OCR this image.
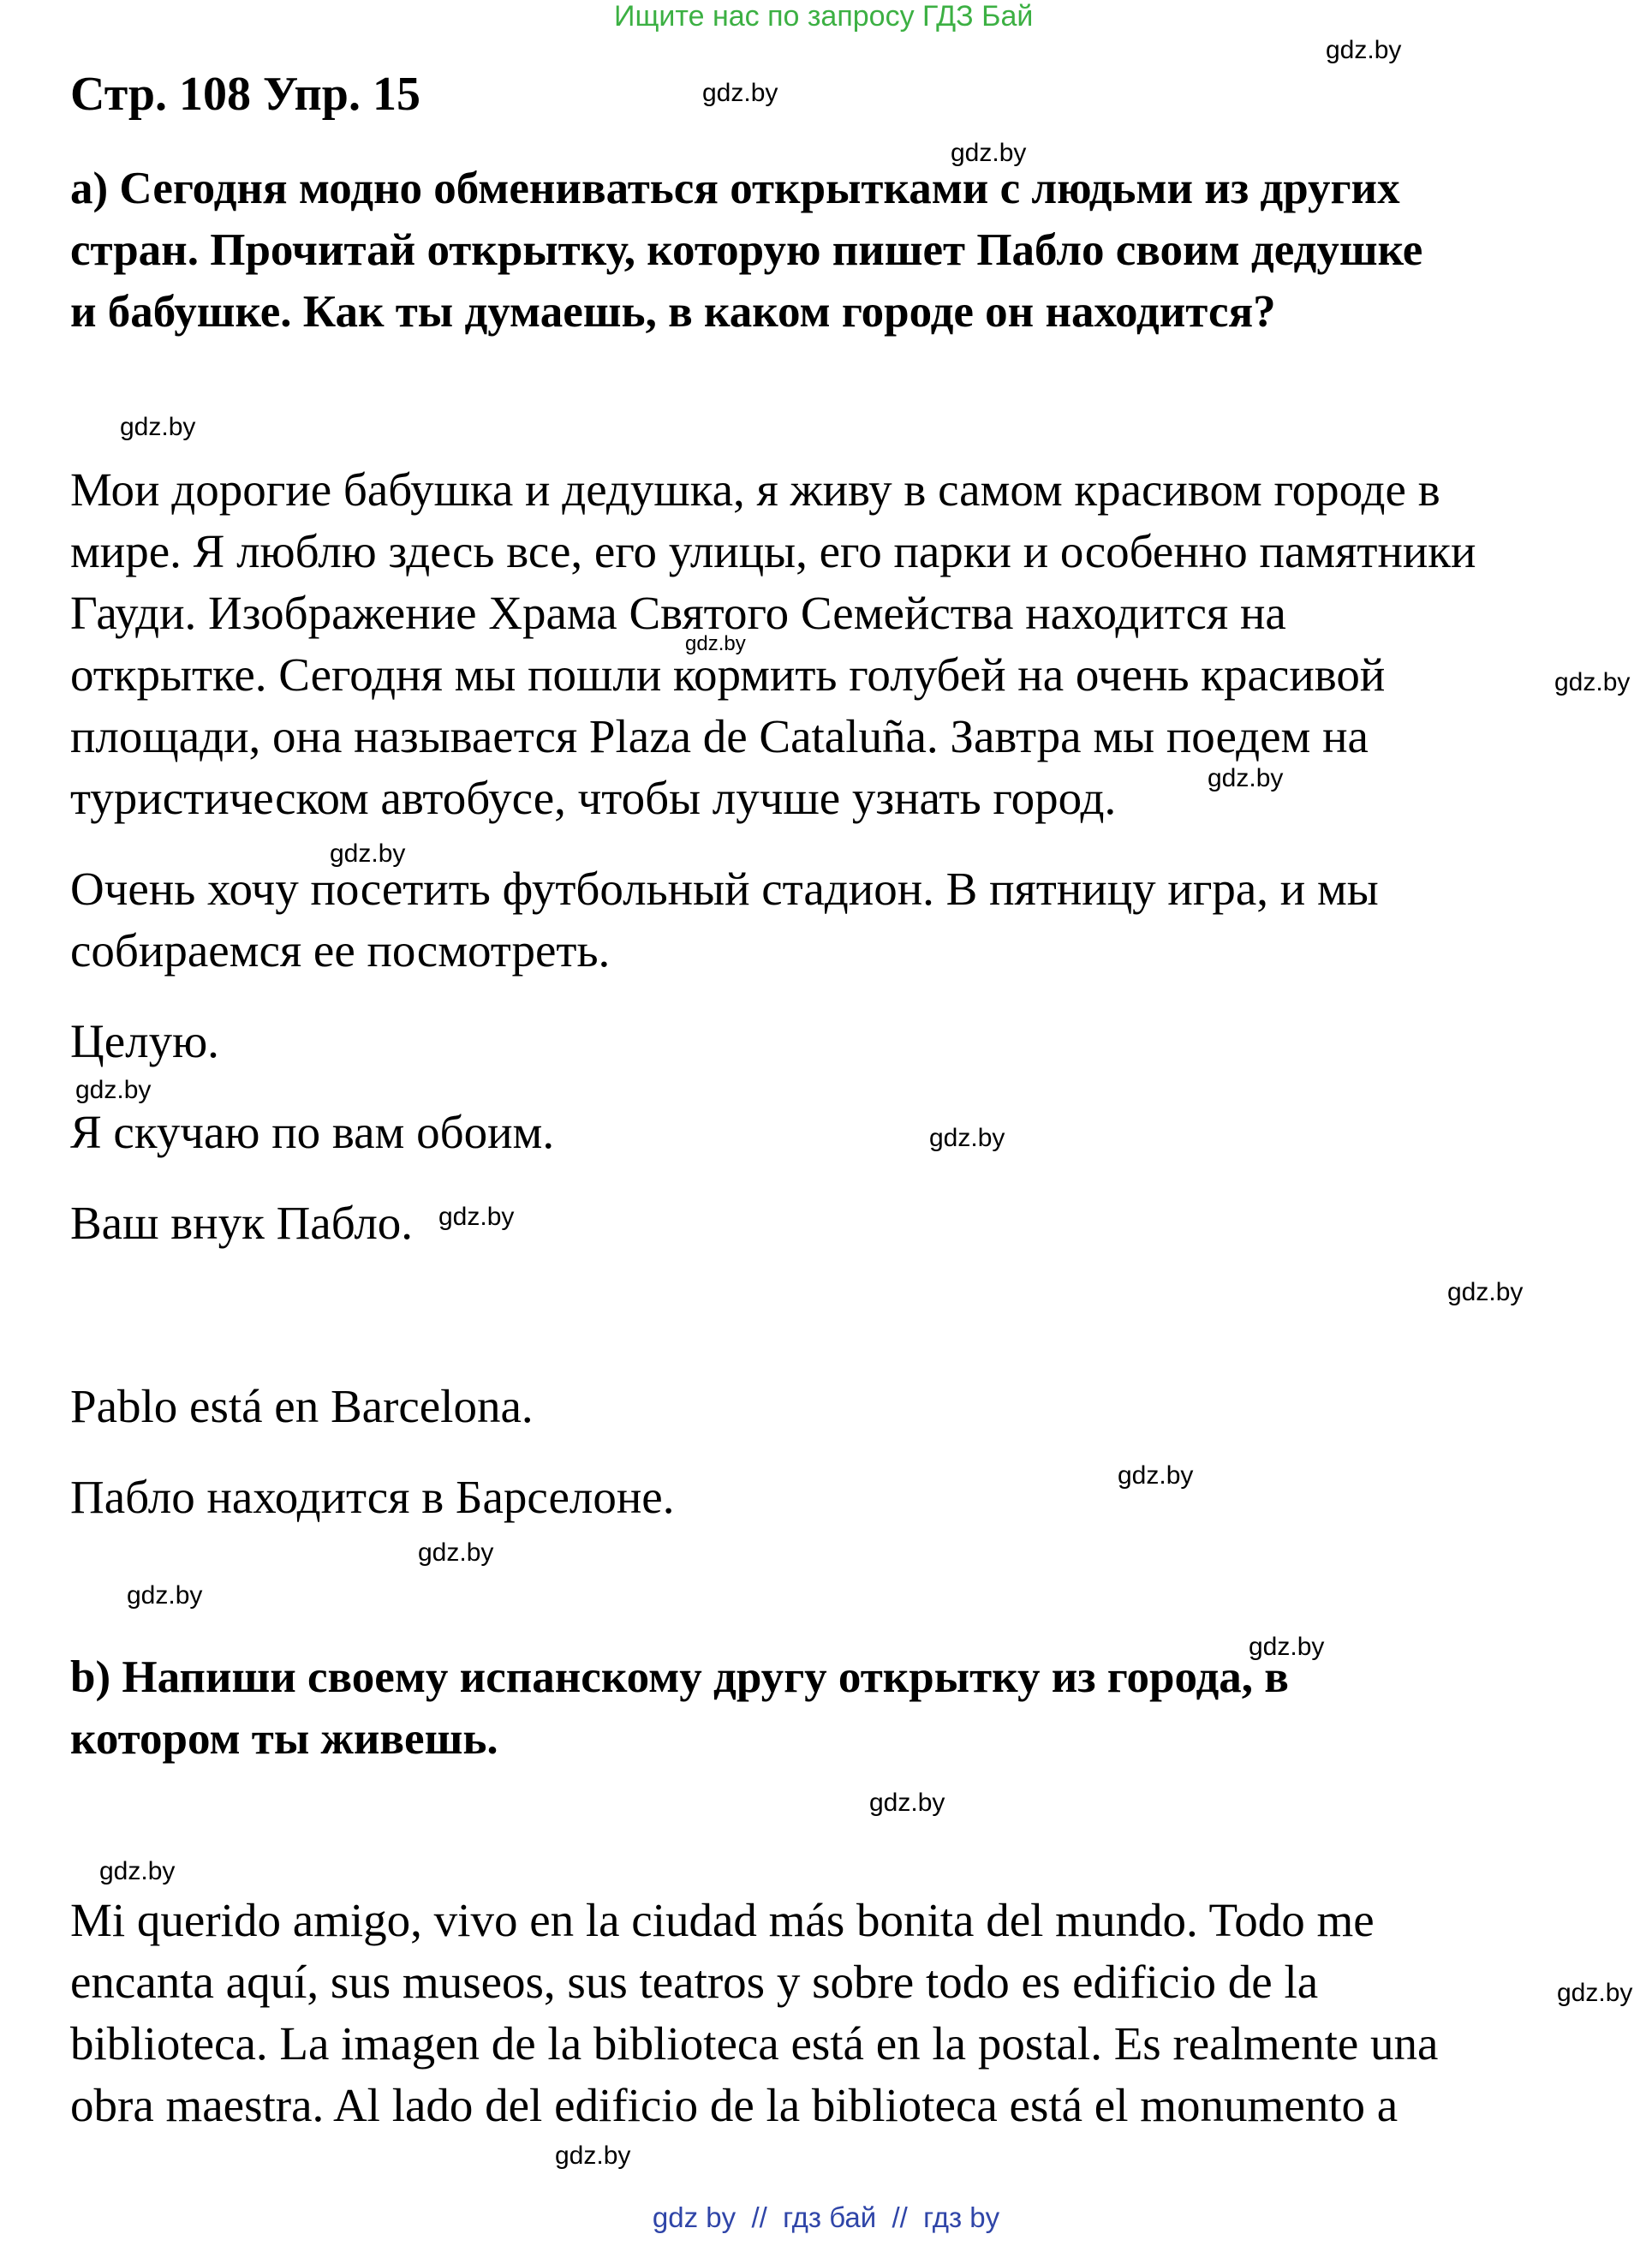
Ищите нас по запросу ГДЗ Бай
Стр. 108 Упр. 15
а) Сегодня модно обмениваться открытками с людьми из других
стран. Прочитай открытку, которую пишет Пабло своим дедушке
и бабушке. Как ты думаешь, в каком городе он находится?
Мои дорогие бабушка и дедушка, я живу в самом красивом городе в
мире. Я люблю здесь все, его улицы, его парки и особенно памятники
Гауди. Изображение Храма Святого Семейства находится на
открытке. Сегодня мы пошли кормить голубей на очень красивой
площади, она называется Plaza de Cataluña. Завтра мы поедем на
туристическом автобусе, чтобы лучше узнать город.
Очень хочу посетить футбольный стадион. В пятницу игра, и мы
собираемся ее посмотреть.
Целую.
Я скучаю по вам обоим.
Ваш внук Пабло.
Pablo está en Barcelona.
Пабло находится в Барселоне.
b) Напиши своему испанскому другу открытку из города, в
котором ты живешь.
Mi querido amigo, vivo en la ciudad más bonita del mundo. Todo me
encanta aquí, sus museos, sus teatros y sobre todo es edificio de la
biblioteca. La imagen de la biblioteca está en la postal. Es realmente una
obra maestra. Al lado del edificio de la biblioteca está el monumento a
gdz.by
gdz.by
gdz.by
gdz.by
gdz.by
gdz.by
gdz.by
gdz.by
gdz.by
gdz.by
gdz.by
gdz.by
gdz.by
gdz.by
gdz.by
gdz.by
gdz.by
gdz.by
gdz.by
gdz.by
gdz by  //  гдз бай  //  гдз by
